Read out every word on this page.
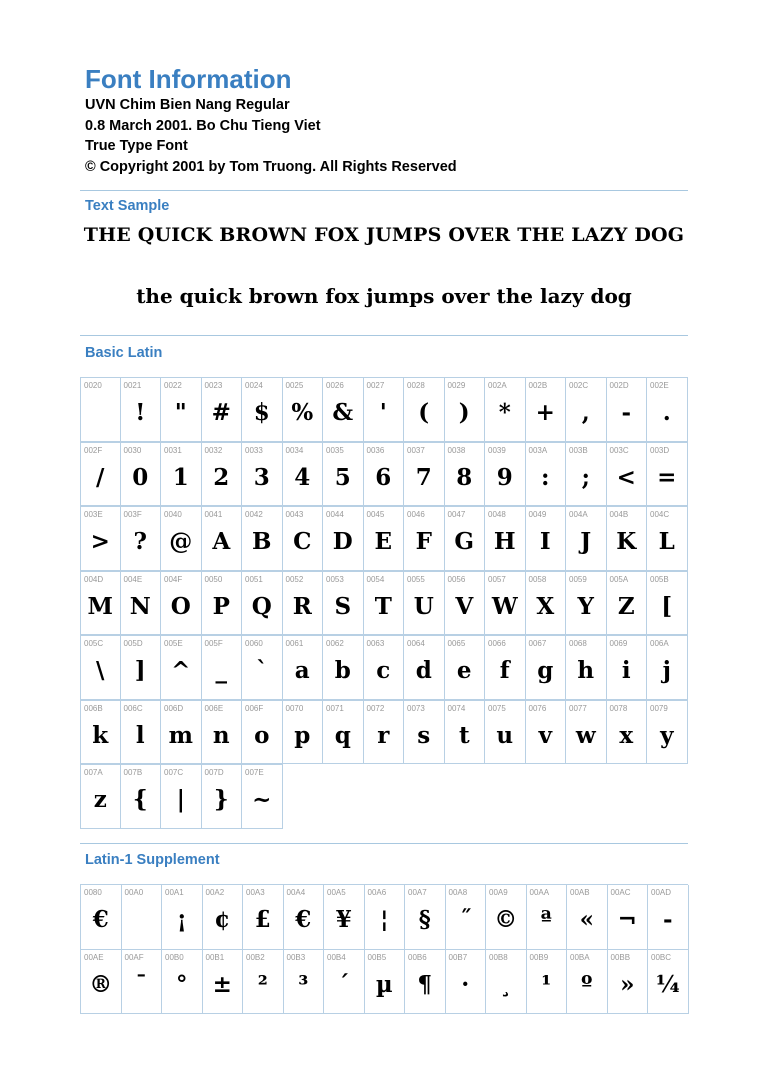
Font Information
UVN Chim Bien Nang Regular
0.8 March 2001. Bo Chu Tieng Viet
True Type Font
© Copyright 2001 by Tom Truong. All Rights Reserved
Text Sample
THE QUICK BROWN FOX JUMPS OVER THE LAZY DOG
the quick brown fox jumps over the lazy dog
Basic Latin
0020	0021
!
0022
"
0023
#
0024
$
0025
%
0026
&
0027
'
0028
(
0029
)
002A
*
002B
+
002C
,
002D
-
002E
.
002F
/
0030
0
0031
1
0032
2
0033
3
0034
4
0035
5
0036
6
0037
7
0038
8
0039
9
003A
:
003B
;
003C
<
003D
=
003E
>
003F
?
0040
@
0041
A
0042
B
0043
C
0044
D
0045
E
0046
F
0047
G
0048
H
0049
I
004A
J
004B
K
004C
L
004D
M
004E
N
004F
O
0050
P
0051
Q
0052
R
0053
S
0054
T
0055
U
0056
V
0057
W
0058
X
0059
Y
005A
Z
005B
[
005C
\
005D
]
005E
^
005F
_
0060
`
0061
a
0062
b
0063
c
0064
d
0065
e
0066
f
0067
g
0068
h
0069
i
006A
j
006B
k
006C
l
006D
m
006E
n
006F
o
0070
p
0071
q
0072
r
0073
s
0074
t
0075
u
0076
v
0077
w
0078
x
0079
y
007A
z
007B
{
007C
|
007D
}
007E
~
Latin-1 Supplement
0080
€
00A0	00A1
¡
00A2
¢
00A3
£
00A4
€
00A5
¥
00A6
¦
00A7
§
00A8
˝
00A9
©
00AA
ª
00AB
«
00AC
¬
00AD
-
00AE
®
00AF
¯
00B0
°
00B1
±
00B2
²
00B3
³
00B4
´
00B5
µ
00B6
¶
00B7
·
00B8
¸
00B9
¹
00BA
º
00BB
»
00BC
¼
